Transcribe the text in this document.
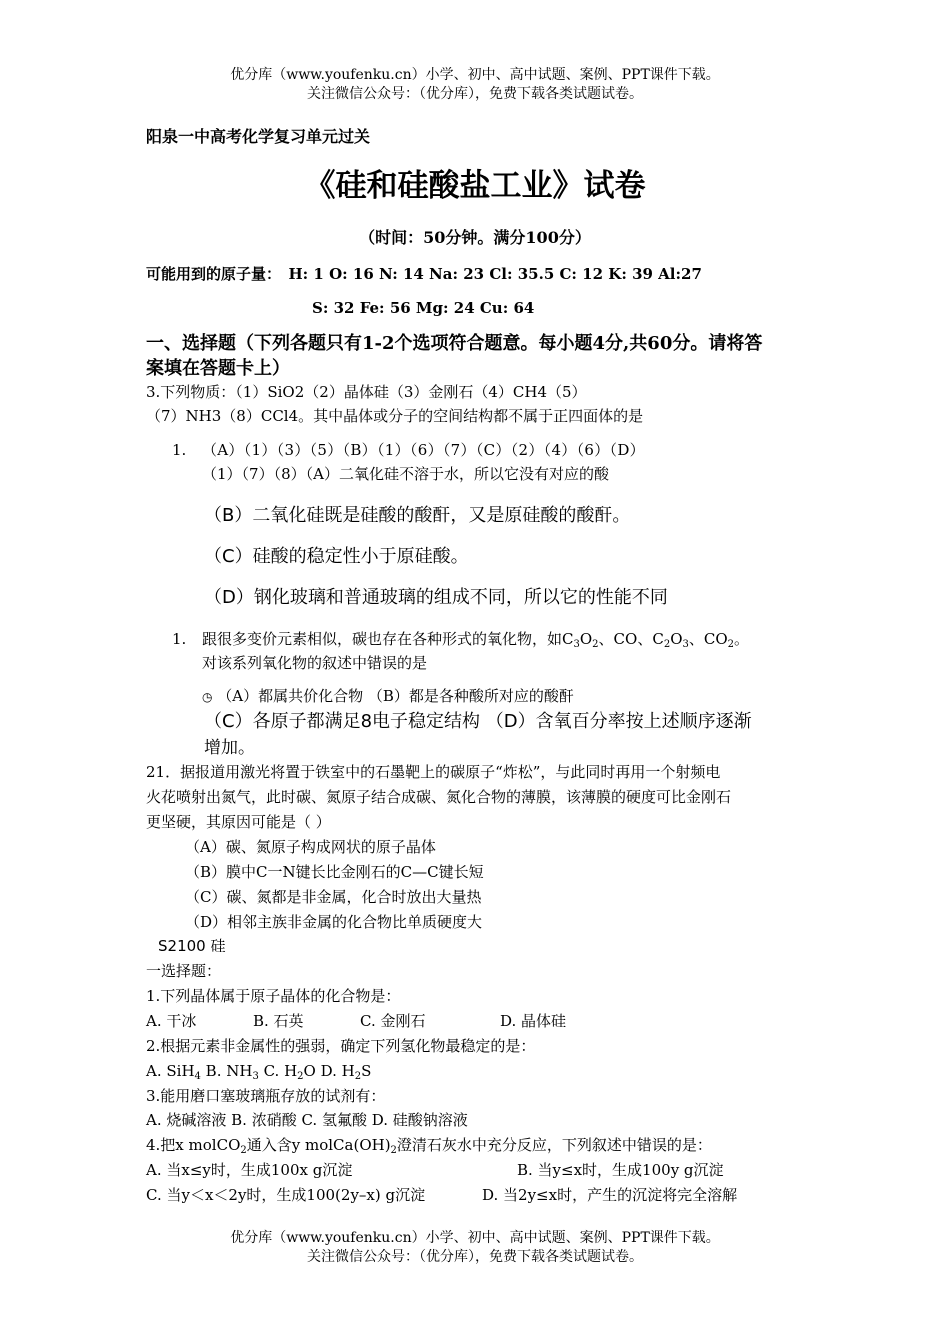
优分库（www.youfenku.cn）小学、初中、高中试题、案例、PPT课件下载。
关注微信公众号：（优分库），免费下载各类试题试卷。
阳泉一中高考化学复习单元过关
《硅和硅酸盐工业》试卷
（时间：50分钟。满分100分）
可能用到的原子量：　H: 1 O: 16 N: 14 Na: 23 Cl: 35.5 C: 12 K: 39 Al:27
S: 32 Fe: 56 Mg: 24 Cu: 64
一、选择题（下列各题只有1-2个选项符合题意。每小题4分,共60分。请将答
案填在答题卡上）
3.下列物质：（1）SiO2（2）晶体硅（3）金刚石（4）CH4（5）
（7）NH3（8）CCl4。其中晶体或分子的空间结构都不属于正四面体的是
1. （A）（1）（3）（5）（B）（1）（6）（7）（C）（2）（4）（6）（D）
（1）（7）（8）（A）二氧化硅不溶于水，所以它没有对应的酸
（B）二氧化硅既是硅酸的酸酐，又是原硅酸的酸酐。
（C）硅酸的稳定性小于原硅酸。
（D）钢化玻璃和普通玻璃的组成不同，所以它的性能不同
1. 跟很多变价元素相似，碳也存在各种形式的氧化物，如$C_3O_2$、CO、$C_2O_3$、$CO_2$。
对该系列氧化物的叙述中错误的是
◷ （A）都属共价化合物 （B）都是各种酸所对应的酸酐
（C）各原子都满足8电子稳定结构 （D）含氧百分率按上述顺序逐渐
增加。
21．据报道用激光将置于铁室中的石墨靶上的碳原子“炸松”，与此同时再用一个射频电
火花喷射出氮气，此时碳、氮原子结合成碳、氮化合物的薄膜，该薄膜的硬度可比金刚石
更坚硬，其原因可能是（ ）
（A）碳、氮原子构成网状的原子晶体
（B）膜中C一N键长比金刚石的C—C键长短
（C）碳、氮都是非金属，化合时放出大量热
（D）相邻主族非金属的化合物比单质硬度大
S2100 硅
一选择题：
1.下列晶体属于原子晶体的化合物是：
A. 干冰	B. 石英	C. 金刚石	D. 晶体硅
2.根据元素非金属性的强弱，确定下列氢化物最稳定的是：
A. SiH$_4$ B. $NH_3$ C. $H_2O$ D. $H_2S$
3.能用磨口塞玻璃瓶存放的试剂有：
A. 烧碱溶液 B. 浓硝酸 C. 氢氟酸 D. 硅酸钠溶液
4.把x molCO$_2$通入含y $molCa(OH)_2$澄清石灰水中充分反应，下列叙述中错误的是：
A. 当x≤y时，生成100x g沉淀	B. 当y≤x时，生成100y g沉淀
C. 当y＜x＜2y时，生成100(2y–x) g沉淀	D. 当2y≤x时，产生的沉淀将完全溶解
优分库（www.youfenku.cn）小学、初中、高中试题、案例、PPT课件下载。
关注微信公众号：（优分库），免费下载各类试题试卷。
